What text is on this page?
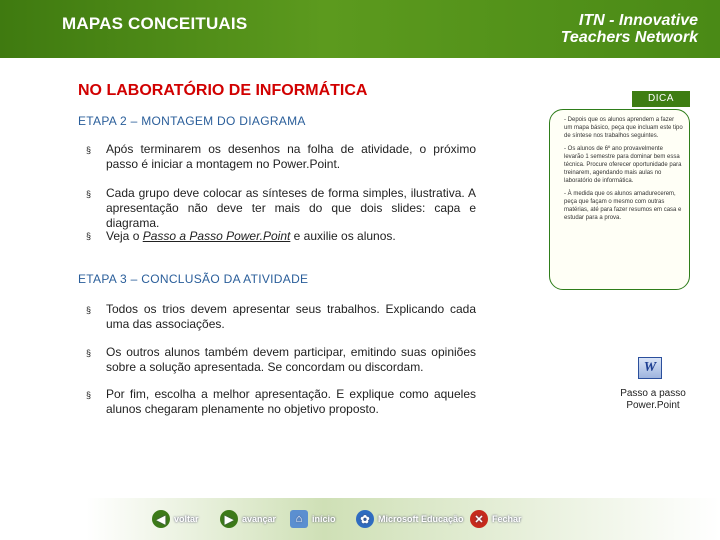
MAPAS CONCEITUAIS	ITN - Innovative
Teachers Network
NO LABORATÓRIO DE INFORMÁTICA
ETAPA 2 – MONTAGEM DO DIAGRAMA
§	Após terminarem os desenhos na folha de atividade, o próximo passo é iniciar a montagem no Power.Point.
§	Cada grupo deve colocar as sínteses de forma simples, ilustrativa. A apresentação não deve ter mais do que dois slides: capa e diagrama.
§	Veja o Passo a Passo Power.Point e auxilie os alunos.
ETAPA 3 – CONCLUSÃO DA ATIVIDADE
§	Todos os trios devem apresentar seus trabalhos. Explicando cada uma das associações.
§	Os outros alunos também devem participar, emitindo suas opiniões sobre a solução apresentada. Se concordam ou discordam.
§	Por fim, escolha a melhor apresentação. E explique como aqueles alunos chegaram plenamente no objetivo proposto.
DICA
- Depois que os alunos aprendem a fazer um mapa básico, peça que incluam este tipo de síntese nos trabalhos seguintes.
- Os alunos de 6º ano provavelmente levarão 1 semestre para dominar bem essa técnica. Procure oferecer oportunidade para treinarem, agendando mais aulas no laboratório de informática.
- À medida que os alunos amadurecerem, peça que façam o mesmo com outras matérias, até para fazer resumos em casa e estudar para a prova.
W
Passo a passo Power.Point
◀ voltar	▶ avançar	⌂	início	✿ Microsoft Educação ✕ Fechar
